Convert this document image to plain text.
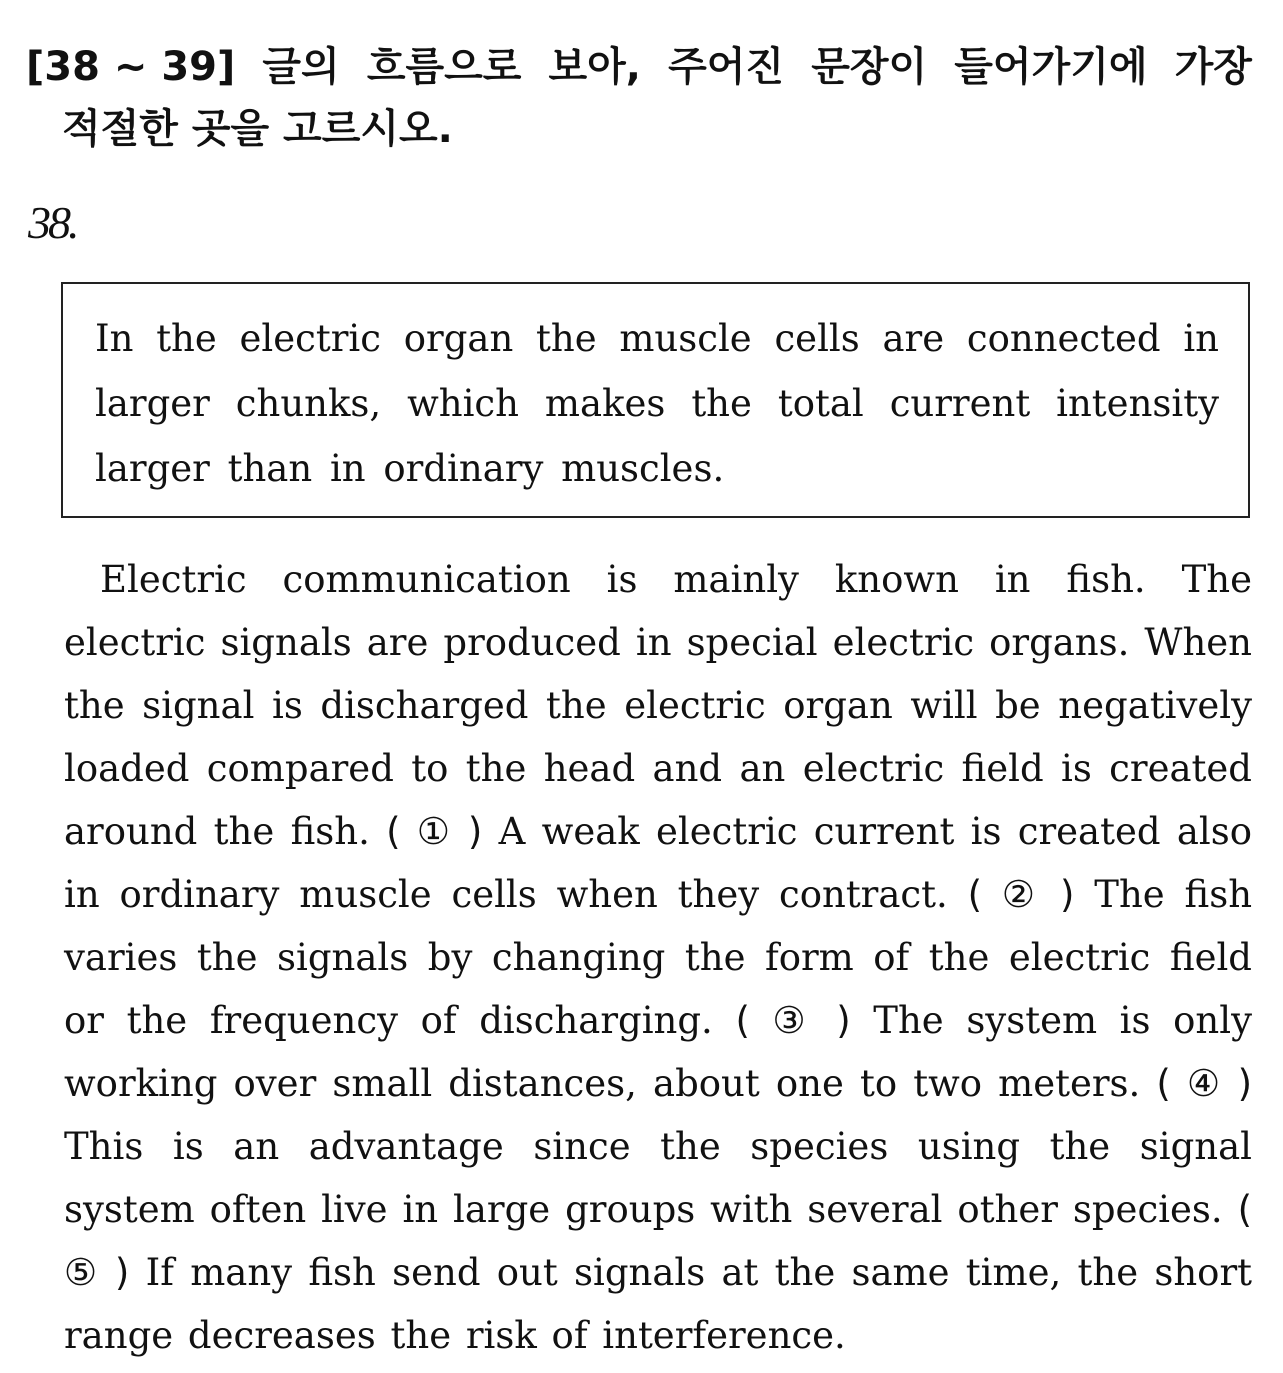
[38 ~ 39] 글의 흐름으로 보아, 주어진 문장이 들어가기에 가장
적절한 곳을 고르시오.
38.
In the electric organ the muscle cells are connected in larger chunks, which makes the total current intensity larger than in ordinary muscles.
Electric communication is mainly known in fish. The electric signals are produced in special electric organs. When the signal is discharged the electric organ will be negatively loaded compared to the head and an electric field is created around the fish. ( ① ) A weak electric current is created also in ordinary muscle cells when they contract. ( ② ) The fish varies the signals by changing the form of the electric field or the frequency of discharging. ( ③ ) The system is only working over small distances, about one to two meters. ( ④ ) This is an advantage since the species using the signal system often live in large groups with several other species. ( ⑤ ) If many fish send out signals at the same time, the short range decreases the risk of interference.
